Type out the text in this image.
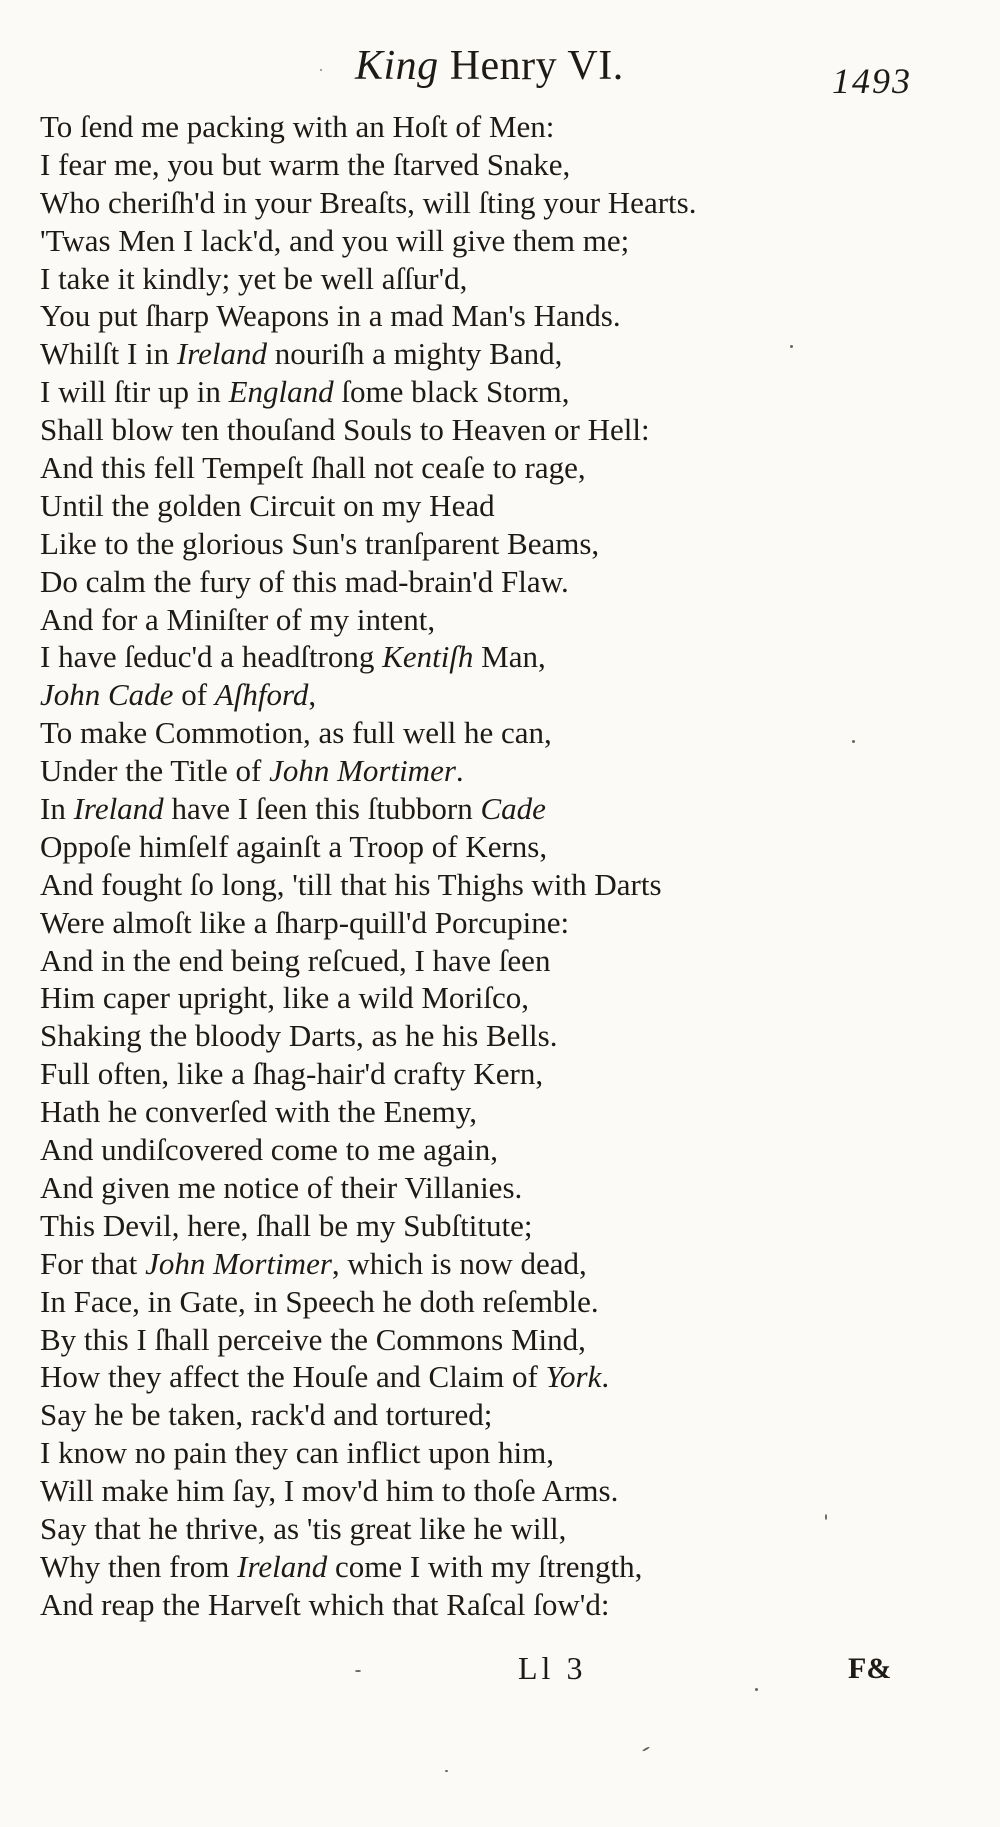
· King Henry VI.	1493
To ſend me packing with an Hoſt of Men:
I fear me, you but warm the ſtarved Snake,
Who cheriſh'd in your Breaſts, will ſting your Hearts.
'Twas Men I lack'd, and you will give them me;
I take it kindly; yet be well aſſur'd,
You put ſharp Weapons in a mad Man's Hands.
Whilſt I in Ireland nouriſh a mighty Band,
I will ſtir up in England ſome black Storm,
Shall blow ten thouſand Souls to Heaven or Hell:
And this fell Tempeſt ſhall not ceaſe to rage,
Until the golden Circuit on my Head
Like to the glorious Sun's tranſparent Beams,
Do calm the fury of this mad-brain'd Flaw.
And for a Miniſter of my intent,
I have ſeduc'd a headſtrong Kentiſh Man,
John Cade of Aſhford,
To make Commotion, as full well he can,
Under the Title of John Mortimer.
In Ireland have I ſeen this ſtubborn Cade
Oppoſe himſelf againſt a Troop of Kerns,
And fought ſo long, 'till that his Thighs with Darts
Were almoſt like a ſharp-quill'd Porcupine:
And in the end being reſcued, I have ſeen
Him caper upright, like a wild Moriſco,
Shaking the bloody Darts, as he his Bells.
Full often, like a ſhag-hair'd crafty Kern,
Hath he converſed with the Enemy,
And undiſcovered come to me again,
And given me notice of their Villanies.
This Devil, here, ſhall be my Subſtitute;
For that John Mortimer, which is now dead,
In Face, in Gate, in Speech he doth reſemble.
By this I ſhall perceive the Commons Mind,
How they affect the Houſe and Claim of York.
Say he be taken, rack'd and tortured;
I know no pain they can inflict upon him,
Will make him ſay, I mov'd him to thoſe Arms.
Say that he thrive, as 'tis great like he will,
Why then from Ireland come I with my ſtrength,
And reap the Harveſt which that Raſcal ſow'd:
Ll 3	F&
